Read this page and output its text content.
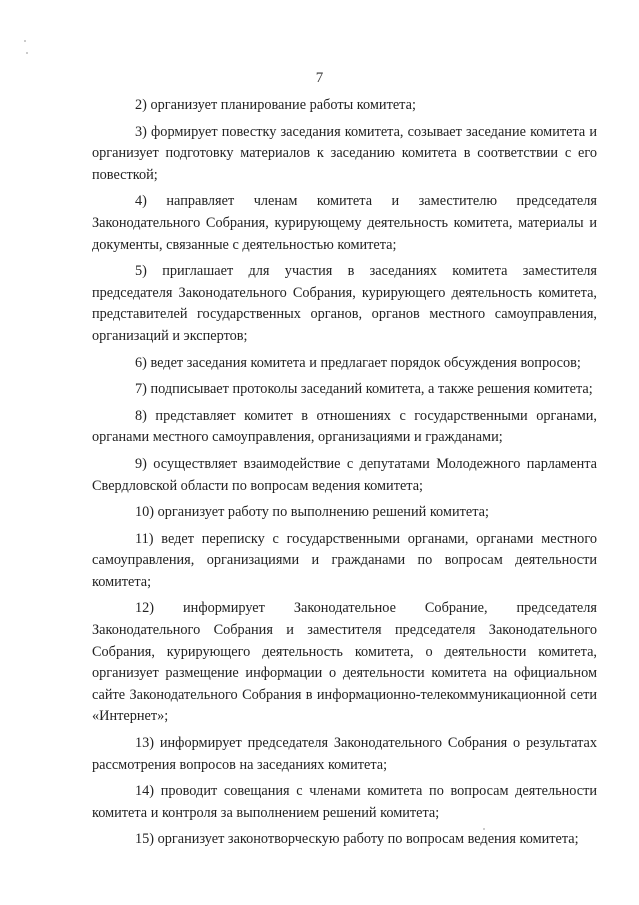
7

2) организует планирование работы комитета;

3) формирует повестку заседания комитета, созывает заседание комитета и организует подготовку материалов к заседанию комитета в соответствии с его повесткой;

4) направляет членам комитета и заместителю председателя Законодательного Собрания, курирующему деятельность комитета, материалы и документы, связанные с деятельностью комитета;

5) приглашает для участия в заседаниях комитета заместителя председателя Законодательного Собрания, курирующего деятельность комитета, представителей государственных органов, органов местного самоуправления, организаций и экспертов;

6) ведет заседания комитета и предлагает порядок обсуждения вопросов;

7) подписывает протоколы заседаний комитета, а также решения комитета;

8) представляет комитет в отношениях с государственными органами, органами местного самоуправления, организациями и гражданами;

9) осуществляет взаимодействие с депутатами Молодежного парламента Свердловской области по вопросам ведения комитета;

10) организует работу по выполнению решений комитета;

11) ведет переписку с государственными органами, органами местного самоуправления, организациями и гражданами по вопросам деятельности комитета;

12) информирует Законодательное Собрание, председателя Законодательного Собрания и заместителя председателя Законодательного Собрания, курирующего деятельность комитета, о деятельности комитета, организует размещение информации о деятельности комитета на официальном сайте Законодательного Собрания в информационно-телекоммуникационной сети «Интернет»;

13) информирует председателя Законодательного Собрания о результатах рассмотрения вопросов на заседаниях комитета;

14) проводит совещания с членами комитета по вопросам деятельности комитета и контроля за выполнением решений комитета;

15) организует законотворческую работу по вопросам ведения комитета;
